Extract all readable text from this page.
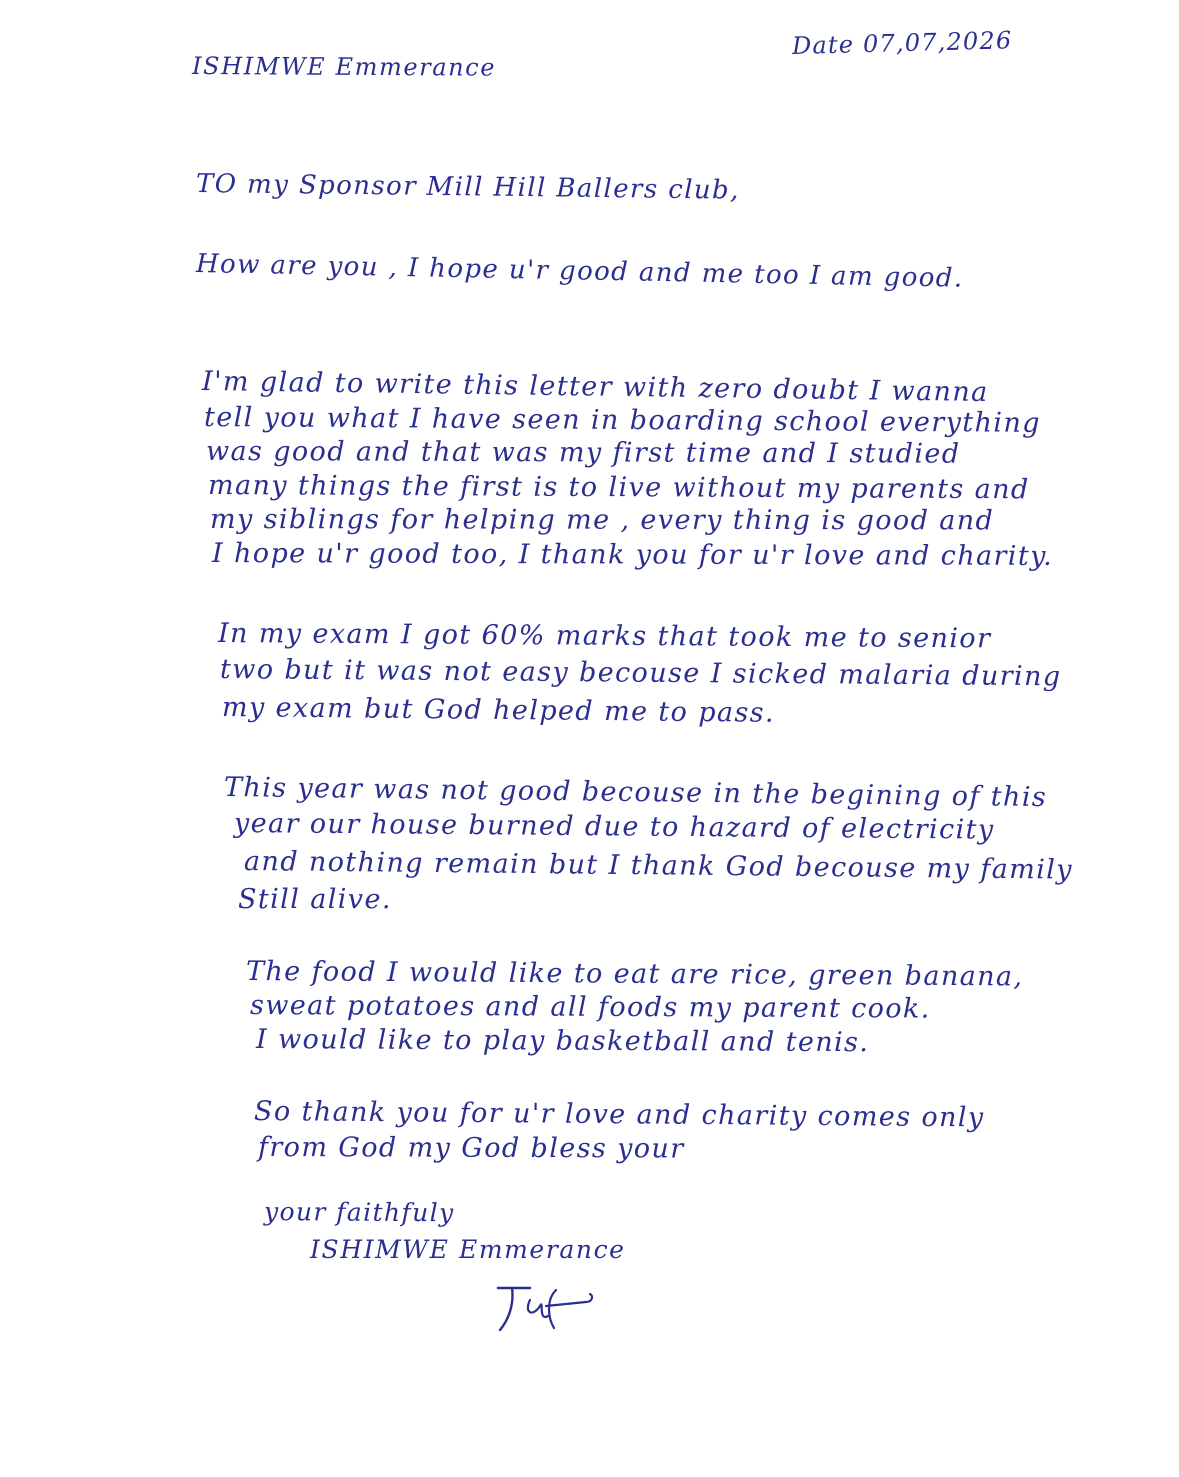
ISHIMWE Emmerance
Date 07,07,2026
TO my Sponsor Mill Hill Ballers club,
How are you , I hope u'r good and me too I am good.
I'm glad to write this letter with zero doubt I wanna
tell you what I have seen in boarding school everything
was good and that was my first time and I studied
many things the first is to live without my parents and
my siblings for helping me , every thing is good and
I hope u'r good too, I thank you for u'r love and charity.
In my exam I got 60% marks that took me to senior
two but it was not easy becouse I sicked malaria during
my exam but God helped me to pass.
This year was not good becouse in the begining of this
year our house burned due to hazard of electricity
and nothing remain but I thank God becouse my family
Still alive.
The food I would like to eat are rice, green banana,
sweat potatoes and all foods my parent cook.
I would like to play basketball and tenis.
So thank you for u'r love and charity comes only
from God my God bless your
your faithfuly
ISHIMWE Emmerance
